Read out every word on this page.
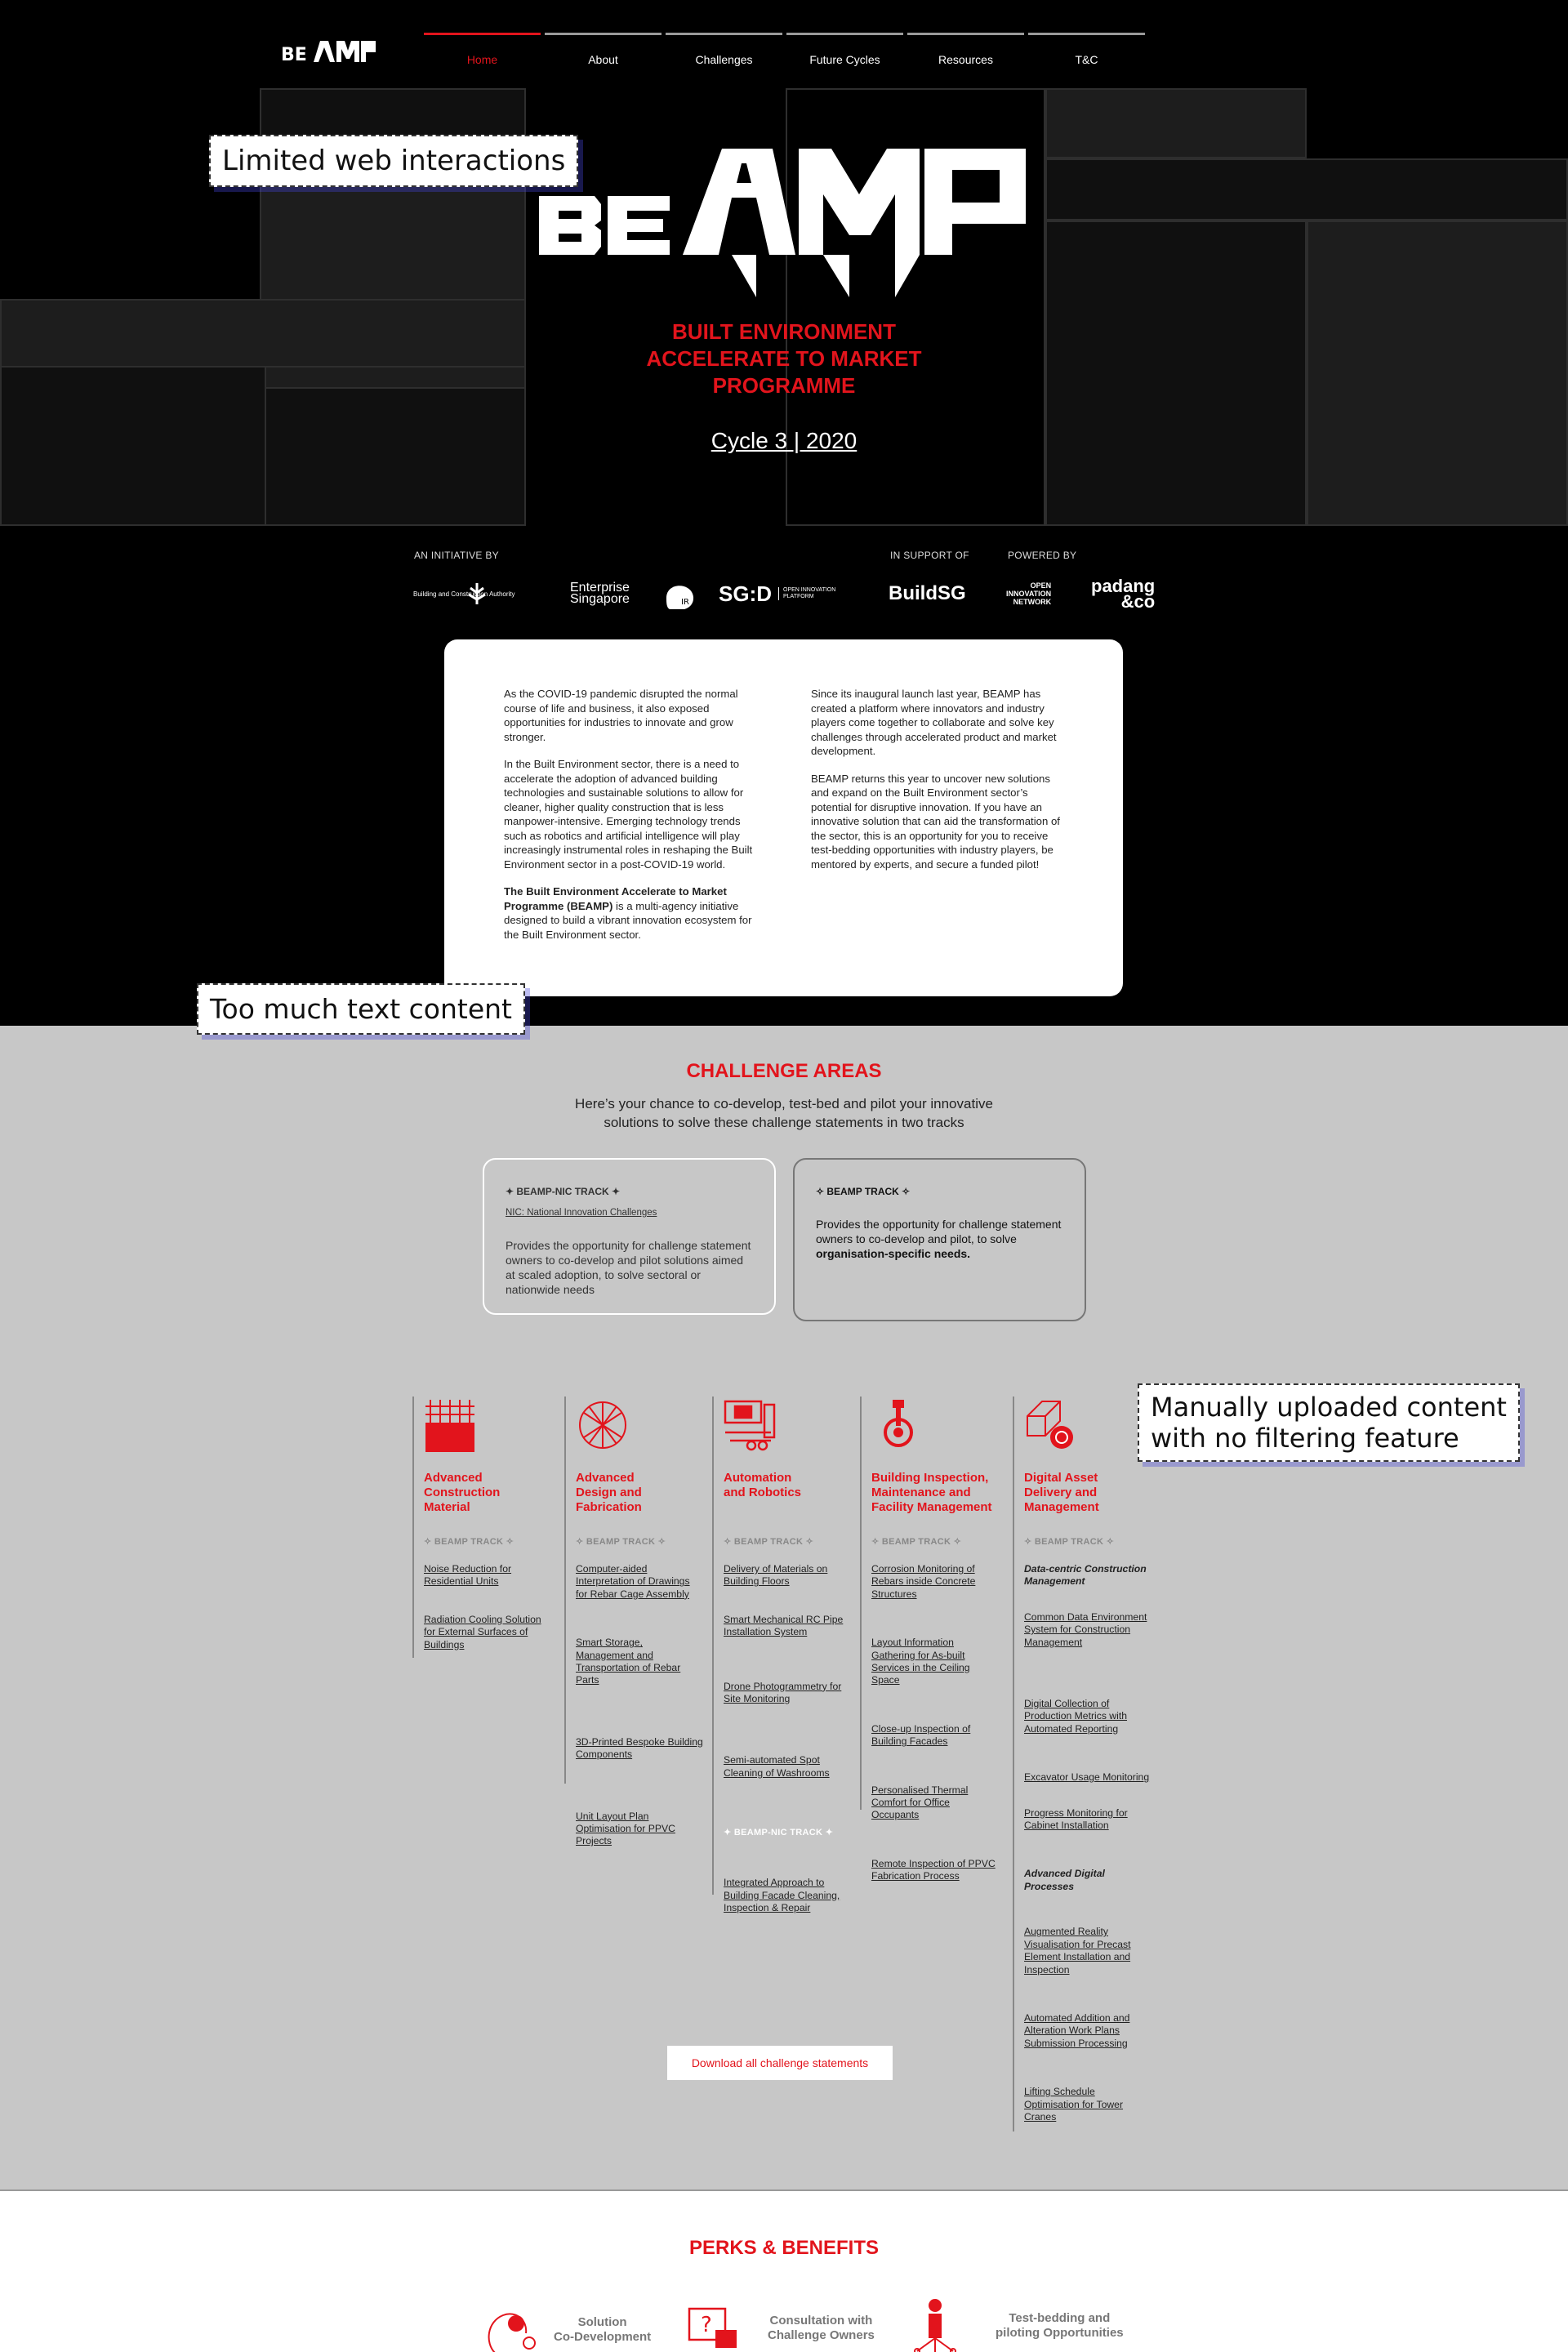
BE	Home	About	Challenges	Future Cycles	Resources	T&C
BUILT ENVIRONMENT
ACCELERATE TO MARKET
PROGRAMME
Cycle 3 | 2020
Limited web interactions
AN INITIATIVE BY	IN SUPPORT OF	POWERED BY
Building and Construction Authority	Enterprise
Singapore	IR SG:D OPEN INNOVATION
PLATFORM	BuildSG	OPEN
INNOVATION
NETWORK
padang
&co

As the COVID-19 pandemic disrupted the normal course of life and business, it also exposed opportunities for industries to innovate and grow stronger.

In the Built Environment sector, there is a need to accelerate the adoption of advanced building technologies and sustainable solutions to allow for cleaner, higher quality construction that is less manpower-intensive. Emerging technology trends such as robotics and artificial intelligence will play increasingly instrumental roles in reshaping the Built Environment sector in a post-COVID-19 world.

The Built Environment Accelerate to Market Programme (BEAMP) is a multi-agency initiative designed to build a vibrant innovation ecosystem for the Built Environment sector.

Since its inaugural launch last year, BEAMP has created a platform where innovators and industry players come together to collaborate and solve key challenges through accelerated product and market development.

BEAMP returns this year to uncover new solutions and expand on the Built Environment sector’s potential for disruptive innovation. If you have an innovative solution that can aid the transformation of the sector, this is an opportunity for you to receive test-bedding opportunities with industry players, be mentored by experts, and secure a funded pilot!

CHALLENGE AREAS
Here’s your chance to co-develop, test-bed and pilot your innovative
solutions to solve these challenge statements in two tracks
✦ BEAMP-NIC TRACK ✦
NIC: National Innovation Challenges
Provides the opportunity for challenge statement owners to co-develop and pilot solutions aimed at scaled adoption, to solve sectoral or nationwide needs
✧ BEAMP TRACK ✧
Provides the opportunity for challenge statement owners to co-develop and pilot, to solve organisation-specific needs.
Advanced
Construction
Material
✧ BEAMP TRACK ✧
Noise Reduction for Residential Units
Radiation Cooling Solution for External Surfaces of Buildings
Advanced
Design and
Fabrication
✧ BEAMP TRACK ✧
Computer-aided Interpretation of Drawings for Rebar Cage Assembly
Smart Storage, Management and Transportation of Rebar Parts
3D-Printed Bespoke Building Components
Unit Layout Plan Optimisation for PPVC Projects
Automation
and Robotics
✧ BEAMP TRACK ✧
Delivery of Materials on Building Floors
Smart Mechanical RC Pipe Installation System
Drone Photogrammetry for Site Monitoring
Semi-automated Spot Cleaning of Washrooms
✦ BEAMP-NIC TRACK ✦
Integrated Approach to Building Facade Cleaning, Inspection & Repair
Building Inspection,
Maintenance and
Facility Management
✧ BEAMP TRACK ✧
Corrosion Monitoring of Rebars inside Concrete Structures
Layout Information Gathering for As-built Services in the Ceiling Space
Close-up Inspection of Building Facades
Personalised Thermal Comfort for Office Occupants
Remote Inspection of PPVC Fabrication Process
Digital Asset
Delivery and
Management
✧ BEAMP TRACK ✧
Data-centric Construction Management
Common Data Environment System for Construction Management
Digital Collection of Production Metrics with Automated Reporting
Excavator Usage Monitoring
Progress Monitoring for Cabinet Installation
Advanced Digital Processes
Augmented Reality Visualisation for Precast Element Installation and Inspection
Automated Addition and Alteration Work Plans Submission Processing
Lifting Schedule Optimisation for Tower Cranes
Download all challenge statements
Too much text content
Manually uploaded content
with no filtering feature
PERKS & BENEFITS
Solution
Co-Development ?	Consultation with
Challenge Owners
Test-bedding and
piloting Opportunities
